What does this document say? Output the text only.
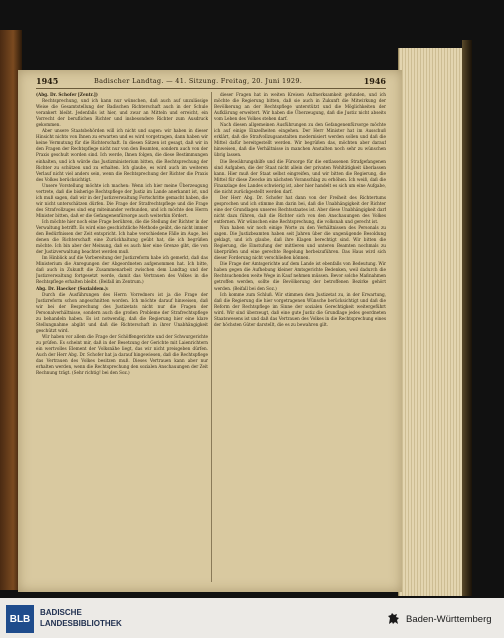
1945	Badischer Landtag. — 41. Sitzung. Freitag, 20. Juni 1929.	1946

(Abg. Dr. Schofer [Zentr.])

Rechtsprechung, und ich kann nur wünschen, daß auch auf unzulässige Weise die Gesamtstellung der Badischen Richterschaft auch in der Schule verankert bleibt. Jedenfalls ist hier, und zwar an Mitteln und erreicht, ein Vorrecht der beruflichen Richter und insbesondere Richter zum Ausdruck gekommen.

Aber unsere Staatsbehörden will ich nicht und sagen: wir haben in dieser Hinsicht nichts von Ihnen zu erwarten und es wird vorgetragen, dann haben wir keine Vermutung für die Richterschaft. In diesen Sätzen ist gesagt, daß wir in den Fragen der Rechtspflege nicht nur von den Beamten, sondern auch von der Praxis geschult worden sind. Ich werde, Ihnen folgen, die diese Bestimmungen einhalten, und ich würde das Justizministerium bitten, die Rechtsprechung der Richter zu schützen und zu erhalten. Ich glaube, es wird auch im weiteren Verlauf nicht viel anders sein, wenn die Rechtsprechung der Richter die Praxis des Volkes berücksichtigt.

Unsere Vorstellung möchte ich machen: Wenn ich hier meine Überzeugung vertrete, daß die bisherige Rechtspflege der Justiz im Lande anerkannt ist, und ich muß sagen, daß wir in der Justizverwaltung Fortschritte gemacht haben, die wir nicht unterschätzen dürfen. Die Frage der Strafrechtspflege und die Frage des Strafvollzuges sind eng miteinander verbunden, und ich möchte den Herrn Minister bitten, daß er die Gefangenenfürsorge auch weiterhin fördert.

Ich möchte hier noch eine Frage berühren, die die Stellung der Richter in der Verwaltung betrifft. Es wird eine geschichtliche Methode geübt, die nicht immer den Bedürfnissen der Zeit entspricht. Ich habe verschiedene Fälle im Auge, bei denen die Richterschaft eine Zurückhaltung geübt hat, die ich begrüßen möchte. Ich bin aber der Meinung, daß es auch hier eine Grenze gibt, die von der Justizverwaltung beachtet werden muß.

Im Hinblick auf die Vorbereitung der Justizreform habe ich gemerkt, daß das Ministerium die Anregungen der Abgeordneten aufgenommen hat. Ich bitte, daß auch in Zukunft die Zusammenarbeit zwischen dem Landtag und der Justizverwaltung fortgesetzt werde, damit das Vertrauen des Volkes in die Rechtspflege erhalten bleibt. (Beifall im Zentrum.)

Abg. Dr. Haecker (Sozialdem.):

Durch die Ausführungen des Herrn Vorredners ist ja die Frage der Justizreform schon angeschnitten worden. Ich möchte darauf hinweisen, daß wir bei der Besprechung des Justizetats nicht nur die Fragen der Personalverhältnisse, sondern auch die großen Probleme der Strafrechtspflege zu behandeln haben. Es ist notwendig, daß die Regierung hier eine klare Stellungnahme abgibt und daß die Richterschaft in ihrer Unabhängigkeit geschützt wird.

Wir haben vor allem die Frage der Schöffengerichte und der Schwurgerichte zu prüfen. Es scheint mir, daß in der Besetzung der Gerichte mit Laienrichtern ein wertvolles Element der Volksnähe liegt, das wir nicht preisgeben dürfen. Auch der Herr Abg. Dr. Schofer hat ja darauf hingewiesen, daß die Rechtspflege das Vertrauen des Volkes besitzen muß. Dieses Vertrauen kann aber nur erhalten werden, wenn die Rechtsprechung den sozialen Anschauungen der Zeit Rechnung trägt. (Sehr richtig! bei den Soz.)

dieser Fragen hat in weiten Kreisen Aufmerksamkeit gefunden, und ich möchte die Regierung bitten, daß sie auch in Zukunft die Mitwirkung der Bevölkerung an der Rechtspflege unterstützt und die Möglichkeiten der Aufklärung erweitert. Wir haben die Überzeugung, daß die Justiz nicht abseits vom Leben des Volkes stehen darf.

Nach diesen allgemeinen Ausführungen zu den Gefangenenfürsorge möchte ich auf einige Einzelheiten eingehen. Der Herr Minister hat im Ausschuß erklärt, daß die Strafvollzugsanstalten modernisiert werden sollen und daß die Mittel dafür bereitgestellt werden. Wir begrüßen das, möchten aber darauf hinweisen, daß die Verhältnisse in manchen Anstalten noch sehr zu wünschen übrig lassen.

Die Bewährungshilfe und die Fürsorge für die entlassenen Strafgefangenen sind Aufgaben, die der Staat nicht allein der privaten Wohltätigkeit überlassen kann. Hier muß der Staat selbst eingreifen, und wir bitten die Regierung, die Mittel für diese Zwecke im nächsten Voranschlag zu erhöhen. Ich weiß, daß die Finanzlage des Landes schwierig ist, aber hier handelt es sich um eine Aufgabe, die nicht zurückgestellt werden darf.

Der Herr Abg. Dr. Schofer hat dann von der Freiheit des Richtertums gesprochen und ich stimme ihm darin bei, daß die Unabhängigkeit der Richter eine der Grundlagen unseres Rechtsstaates ist. Aber diese Unabhängigkeit darf nicht dazu führen, daß die Richter sich von den Anschauungen des Volkes entfernen. Wir wünschen eine Rechtsprechung, die volksnah und gerecht ist.

Nun haben wir noch einige Worte zu den Verhältnissen des Personals zu sagen. Die Justizbeamten haben seit Jahren über die ungenügende Besoldung geklagt, und ich glaube, daß ihre Klagen berechtigt sind. Wir bitten die Regierung, die Einstufung der mittleren und unteren Beamten nochmals zu überprüfen und eine gerechte Regelung herbeizuführen. Das Haus wird sich dieser Forderung nicht verschließen können.

Die Frage der Amtsgerichte auf dem Lande ist ebenfalls von Bedeutung. Wir haben gegen die Aufhebung kleiner Amtsgerichte Bedenken, weil dadurch die Rechtsuchenden weite Wege in Kauf nehmen müssen. Bevor solche Maßnahmen getroffen werden, sollte die Bevölkerung der betroffenen Bezirke gehört werden. (Beifall bei den Soz.)

Ich komme zum Schluß. Wir stimmen dem Justizetat zu, in der Erwartung, daß die Regierung die hier vorgetragenen Wünsche berücksichtigt und daß die Reform der Rechtspflege im Sinne der sozialen Gerechtigkeit weitergeführt wird. Wir sind überzeugt, daß eine gute Justiz die Grundlage jedes geordneten Staatswesens ist und daß das Vertrauen des Volkes in die Rechtsprechung eines der höchsten Güter darstellt, die es zu bewahren gilt.

BLB
BADISCHE
LANDESBIBLIOTHEK	Baden-Württemberg
